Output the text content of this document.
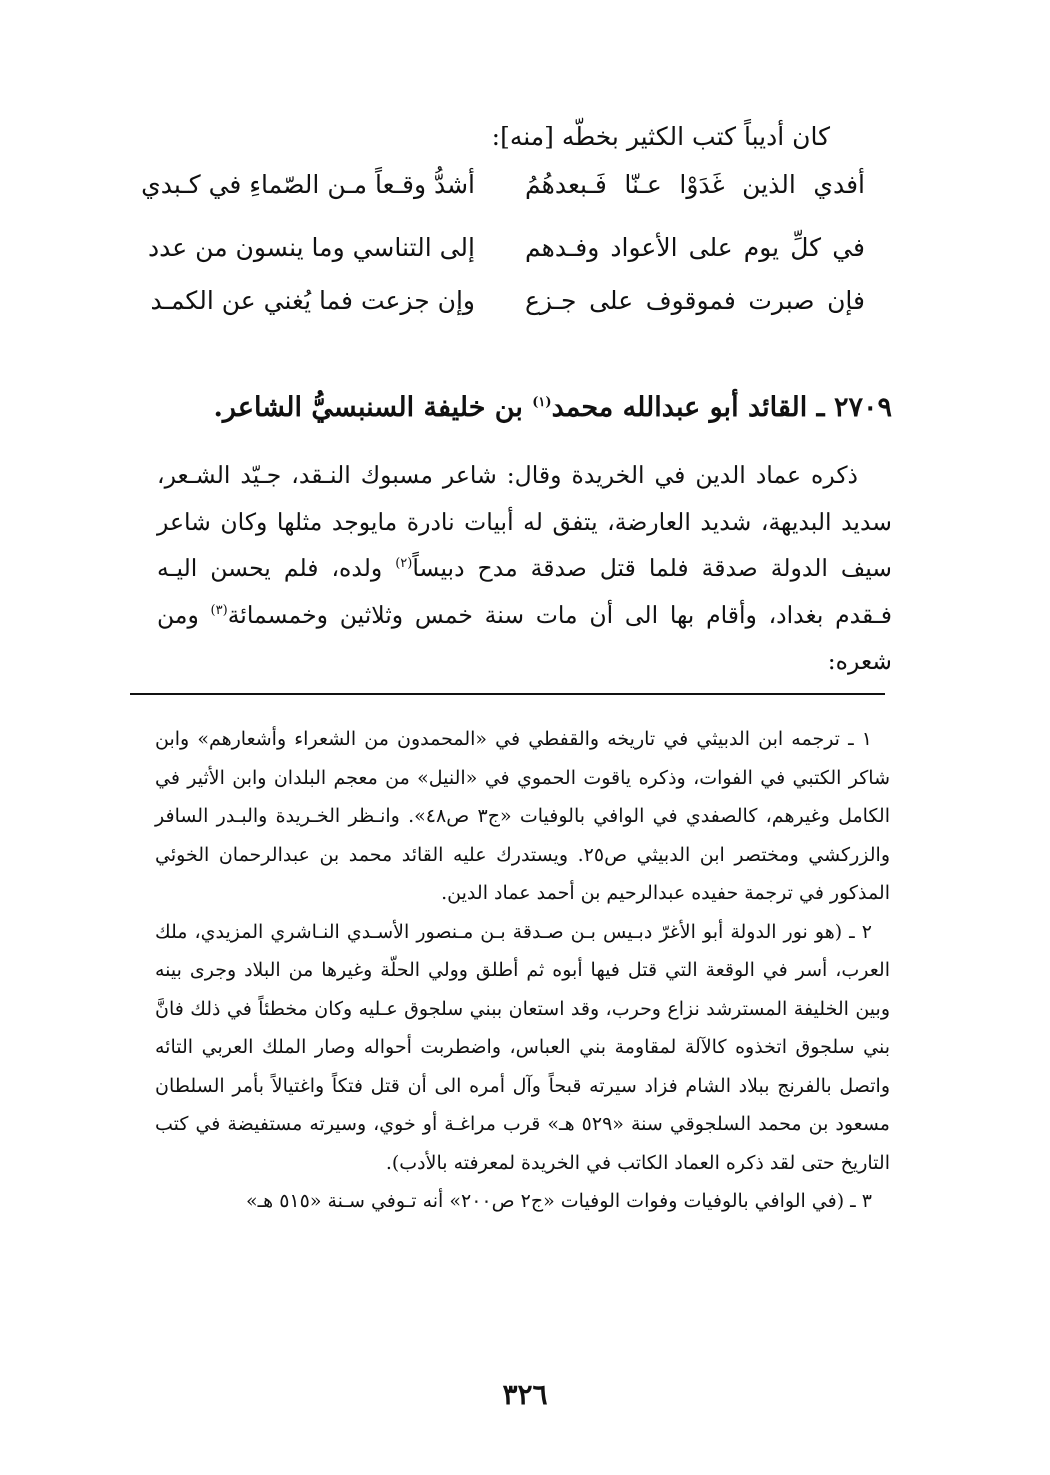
كان أديباً كتب الكثير بخطّه [منه]:
أفدي الذين غَدَوْا عـنّا فَـبعدهُمُ
أشدُّ وقـعاً مـن الصّماءِ في كـبدي
في كلِّ يوم على الأعواد وفـدهم
إلى التناسي وما ينسون من عدد
فإن صبرت فموقوف على جـزع
وإن جزعت فما يُغني عن الكمـد
٢٧٠٩ ـ القائد أبو عبدالله محمد$^{(١)}$ بن خليفة السنبسيُّ الشاعر.

ذكره عماد الدين في الخريدة وقال: شاعر مسبوك النـقد، جـيّد الشـعر، سديد البديهة، شديد العارضة، يتفق له أبيات نادرة مايوجد مثلها وكان شاعر سيف الدولة صدقة فلما قتل صدقة مدح دبيساً$^{(٢)}$ ولده، فلم يحسن اليـه فـقدم بغداد، وأقام بها الى أن مات سنة خمس وثلاثين وخمسمائة$^{(٣)}$ ومن شعره:

١ ـ ترجمه ابن الدبيثي في تاريخه والقفطي في «المحمدون من الشعراء وأشعارهم» وابن شاكر الكتبي في الفوات، وذكره ياقوت الحموي في «النيل» من معجم البلدان وابن الأثير في الكامل وغيرهم، كالصفدي في الوافي بالوفيات «ج٣ ص٤٨». وانـظر الخـريدة والبـدر السافر والزركشي ومختصر ابن الدبيثي ص٢٥. ويستدرك عليه القائد محمد بن عبدالرحمان الخوئي المذكور في ترجمة حفيده عبدالرحيم بن أحمد عماد الدين.

٢ ـ (هو نور الدولة أبو الأغرّ دبـيس بـن صـدقة بـن مـنصور الأسـدي النـاشري المزيدي، ملك العرب، أسر في الوقعة التي قتل فيها أبوه ثم أطلق وولي الحلّة وغيرها من البلاد وجرى بينه وبين الخليفة المسترشد نزاع وحرب، وقد استعان ببني سلجوق عـليه وكان مخطئاً في ذلك فانَّ بني سلجوق اتخذوه كالآلة لمقاومة بني العباس، واضطربت أحواله وصار الملك العربي التائه واتصل بالفرنج ببلاد الشام فزاد سيرته قبحاً وآل أمره الى أن قتل فتكاً واغتيالاً بأمر السلطان مسعود بن محمد السلجوقي سنة «٥٢٩ هـ» قرب مراغـة أو خوي، وسيرته مستفيضة في كتب التاريخ حتى لقد ذكره العماد الكاتب في الخريدة لمعرفته بالأدب).

٣ ـ (في الوافي بالوفيات وفوات الوفيات «ج٢ ص٢٠٠» أنه تـوفي سـنة «٥١٥ هـ»

٣٢٦
